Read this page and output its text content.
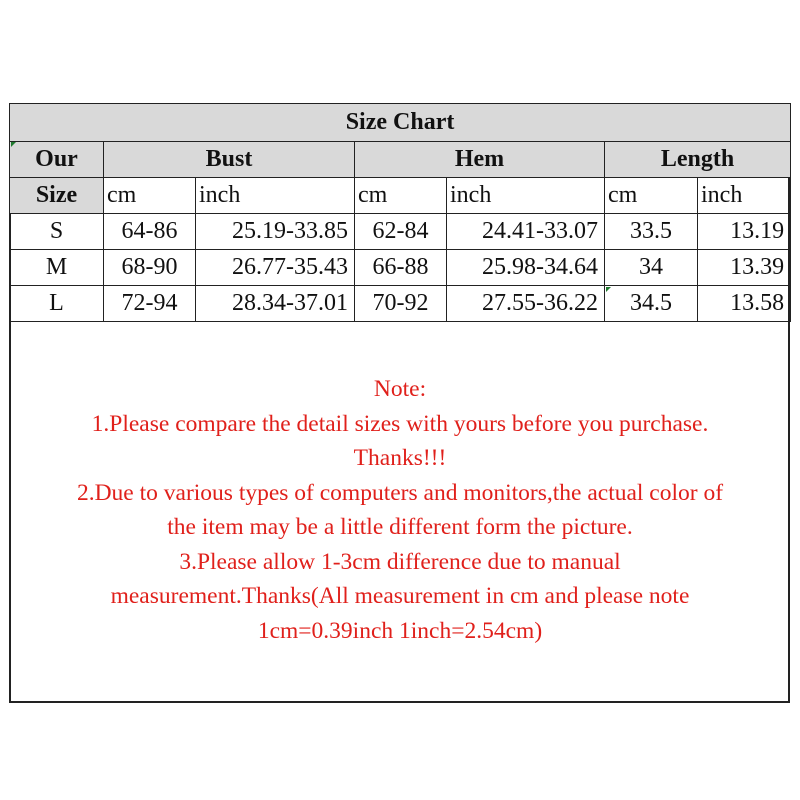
Size Chart						
Our	Bust		Hem		Length	
Size	cm	inch	cm	inch	cm	inch
S	64-86	25.19-33.85	62-84	24.41-33.07	33.5	13.19
M	68-90	26.77-35.43	66-88	25.98-34.64	34	13.39
L	72-94	28.34-37.01	70-92	27.55-36.22	34.5	13.58
Note:
1.Please compare the detail sizes with yours before you purchase.
Thanks!!!
2.Due to various types of computers and monitors,the actual color of
the item may be a little different form the picture.
3.Please allow 1-3cm difference due to manual
measurement.Thanks(All measurement in cm and please note
1cm=0.39inch 1inch=2.54cm)
